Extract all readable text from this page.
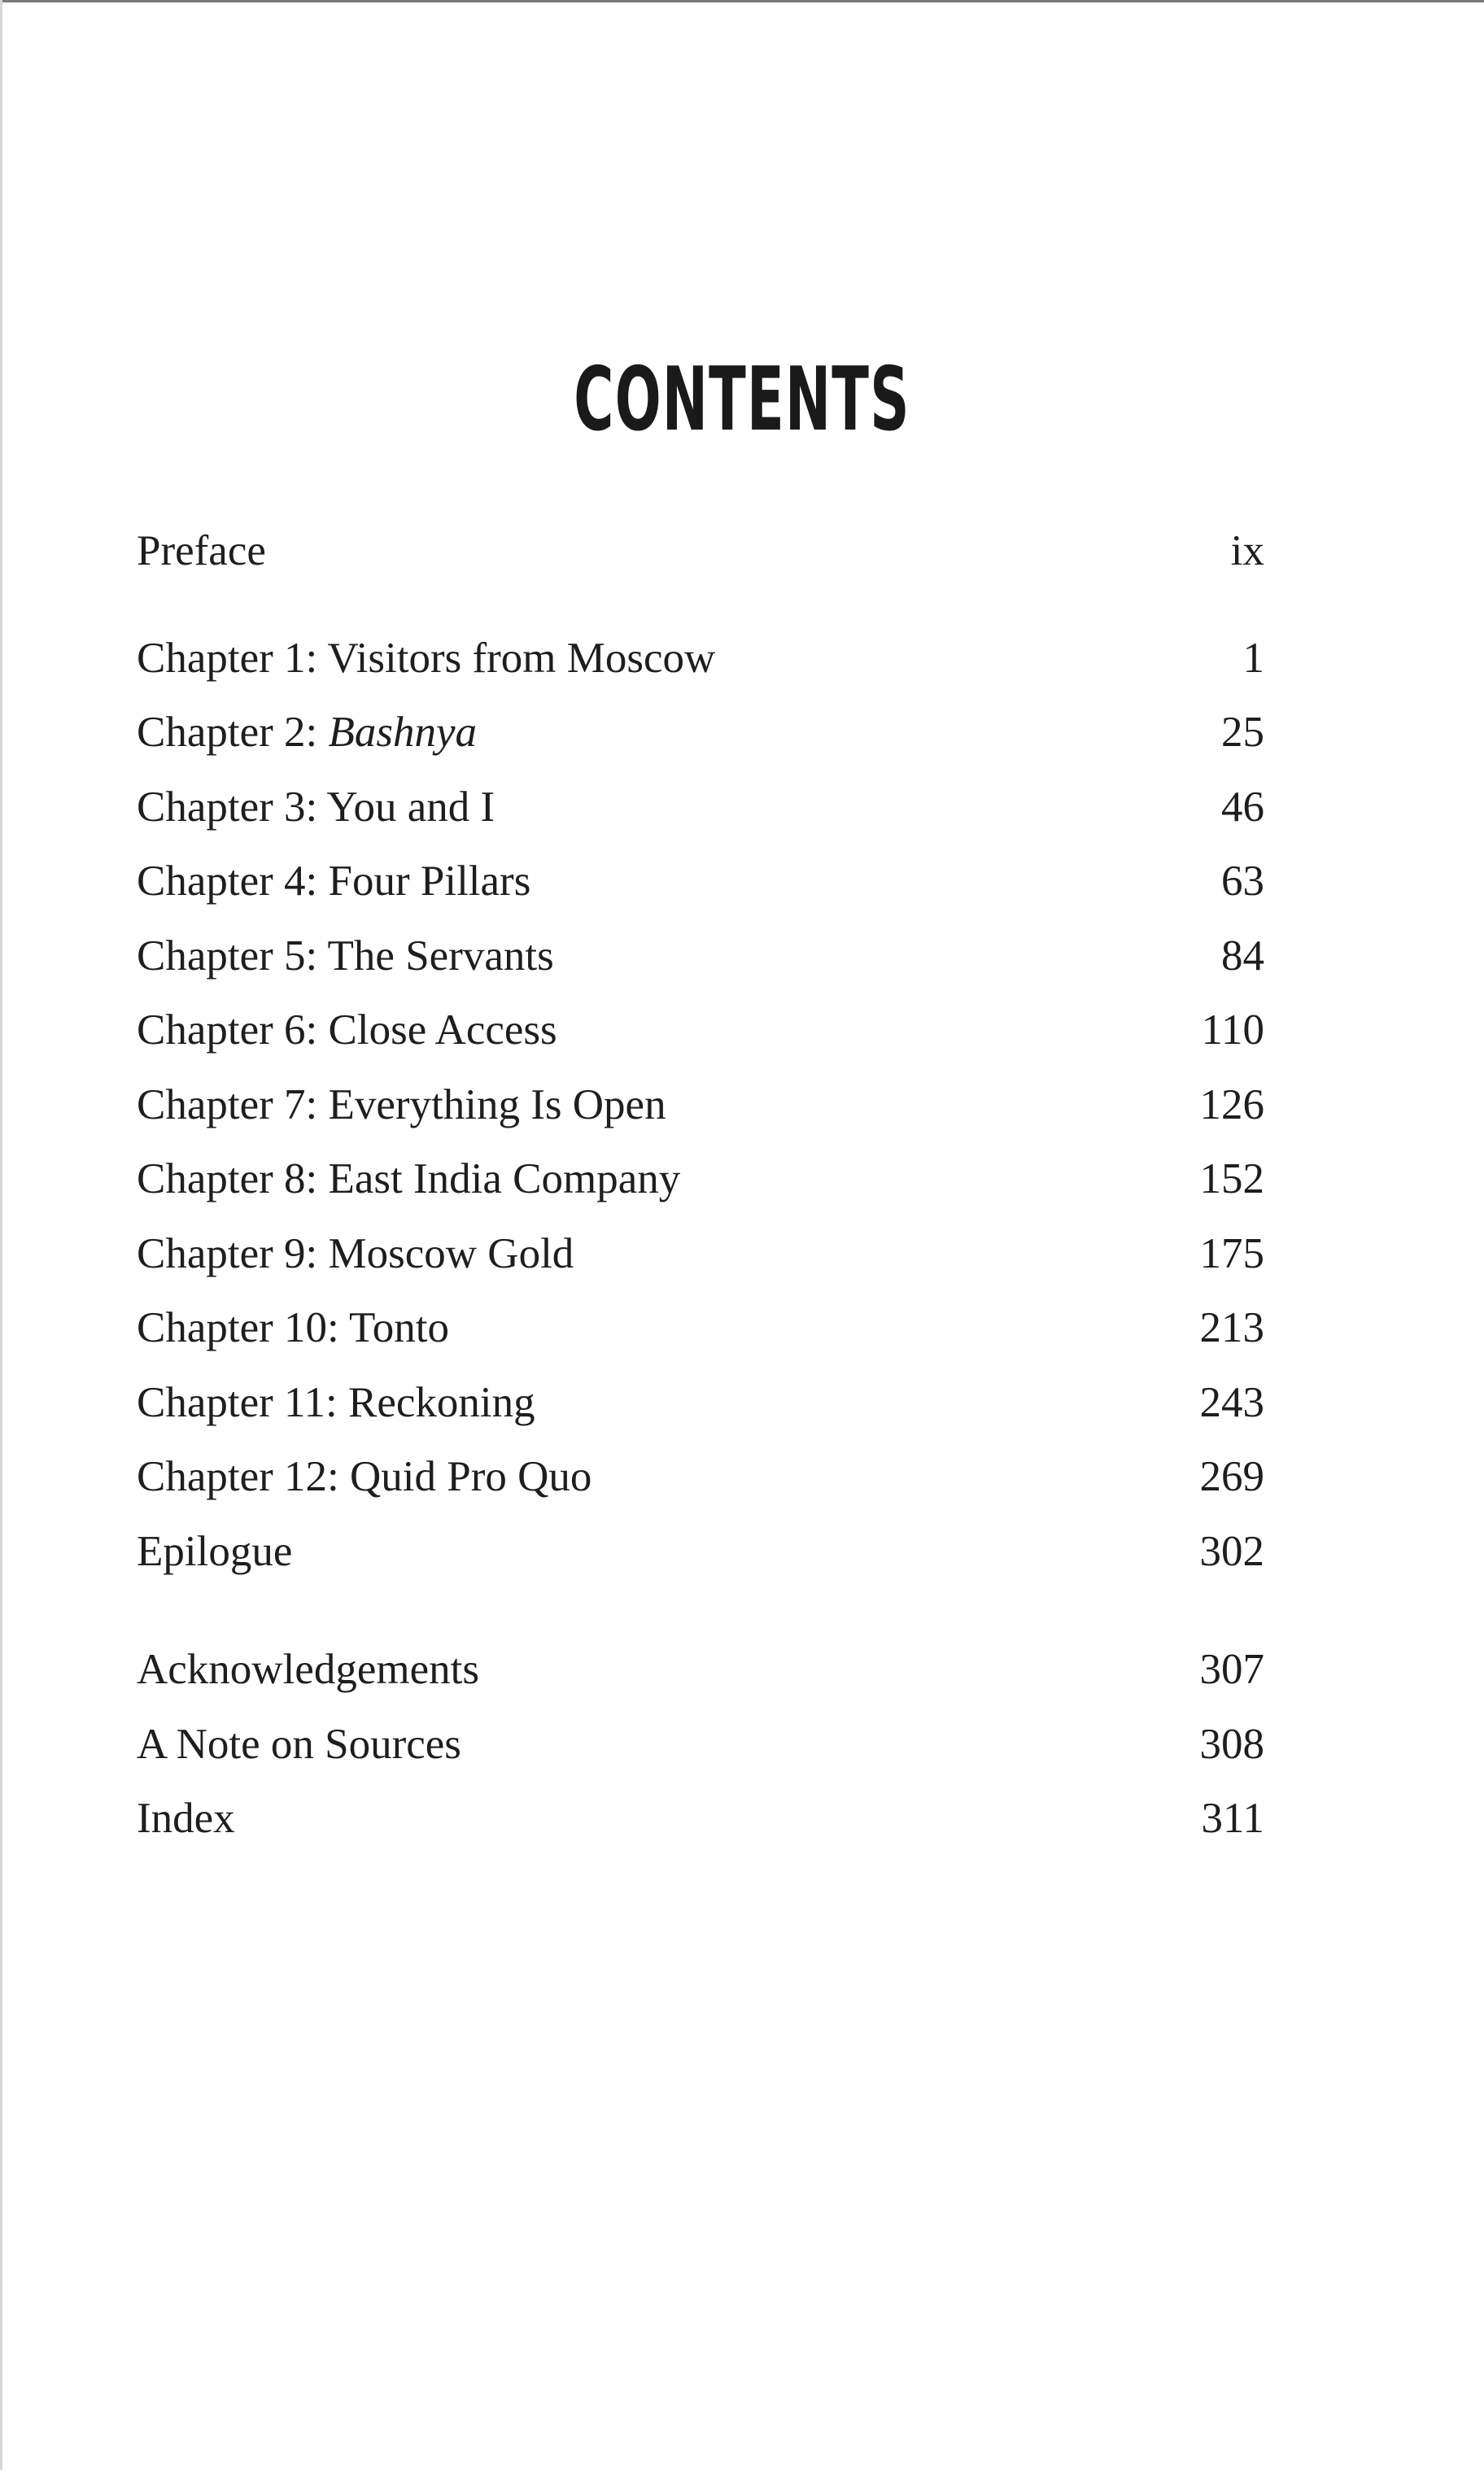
CONTENTS
Preface	ix
Chapter 1: Visitors from Moscow	1
Chapter 2: Bashnya	25
Chapter 3: You and I	46
Chapter 4: Four Pillars	63
Chapter 5: The Servants	84
Chapter 6: Close Access	110
Chapter 7: Everything Is Open	126
Chapter 8: East India Company	152
Chapter 9: Moscow Gold	175
Chapter 10: Tonto	213
Chapter 11: Reckoning	243
Chapter 12: Quid Pro Quo	269
Epilogue	302
Acknowledgements	307
A Note on Sources	308
Index	311
